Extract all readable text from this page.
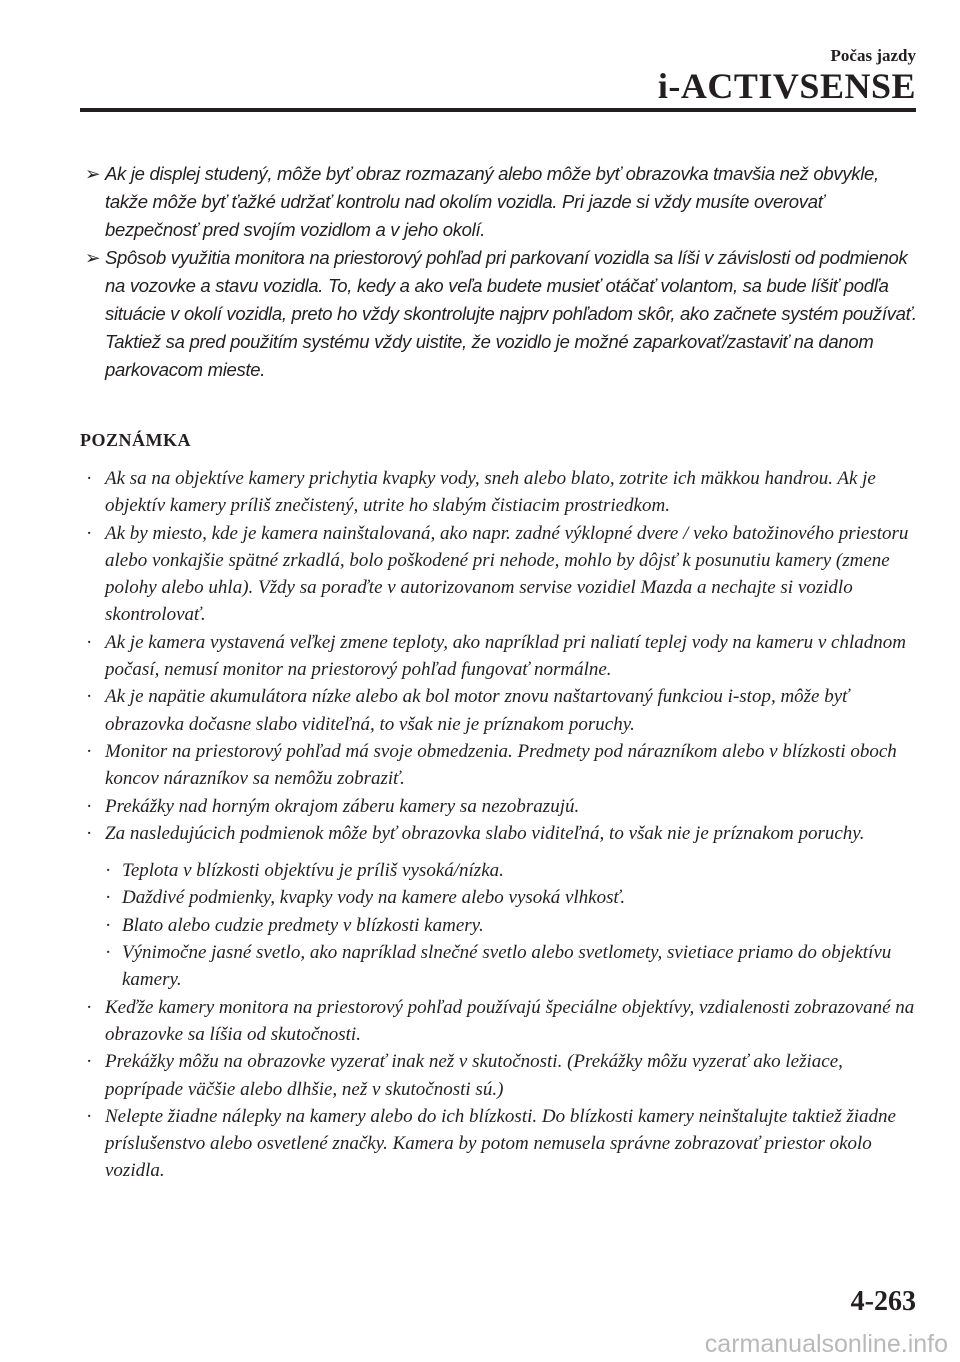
Počas jazdy
i-ACTIVSENSE
➢ Ak je displej studený, môže byť obraz rozmazaný alebo môže byť obrazovka tmavšia než obvykle, takže môže byť ťažké udržať kontrolu nad okolím vozidla. Pri jazde si vždy musíte overovať bezpečnosť pred svojím vozidlom a v jeho okolí.
➢ Spôsob využitia monitora na priestorový pohľad pri parkovaní vozidla sa líši v závislosti od podmienok na vozovke a stavu vozidla. To, kedy a ako veľa budete musieť otáčať volantom, sa bude líšiť podľa situácie v okolí vozidla, preto ho vždy skontrolujte najprv pohľadom skôr, ako začnete systém používať.
Taktiež sa pred použitím systému vždy uistite, že vozidlo je možné zaparkovať/zastaviť na danom parkovacom mieste.
POZNÁMKA
· Ak sa na objektíve kamery prichytia kvapky vody, sneh alebo blato, zotrite ich mäkkou handrou. Ak je objektív kamery príliš znečistený, utrite ho slabým čistiacim prostriedkom.
· Ak by miesto, kde je kamera nainštalovaná, ako napr. zadné výklopné dvere / veko batožinového priestoru alebo vonkajšie spätné zrkadlá, bolo poškodené pri nehode, mohlo by dôjsť k posunutiu kamery (zmene polohy alebo uhla). Vždy sa poraďte v autorizovanom servise vozidiel Mazda a nechajte si vozidlo skontrolovať.
· Ak je kamera vystavená veľkej zmene teploty, ako napríklad pri naliatí teplej vody na kameru v chladnom počasí, nemusí monitor na priestorový pohľad fungovať normálne.
· Ak je napätie akumulátora nízke alebo ak bol motor znovu naštartovaný funkciou i-stop, môže byť obrazovka dočasne slabo viditeľná, to však nie je príznakom poruchy.
· Monitor na priestorový pohľad má svoje obmedzenia. Predmety pod nárazníkom alebo v blízkosti oboch koncov nárazníkov sa nemôžu zobraziť.
· Prekážky nad horným okrajom záberu kamery sa nezobrazujú.
· Za nasledujúcich podmienok môže byť obrazovka slabo viditeľná, to však nie je príznakom poruchy.
· Teplota v blízkosti objektívu je príliš vysoká/nízka.
· Daždivé podmienky, kvapky vody na kamere alebo vysoká vlhkosť.
· Blato alebo cudzie predmety v blízkosti kamery.
· Výnimočne jasné svetlo, ako napríklad slnečné svetlo alebo svetlomety, svietiace priamo do objektívu kamery.
· Keďže kamery monitora na priestorový pohľad používajú špeciálne objektívy, vzdialenosti zobrazované na obrazovke sa líšia od skutočnosti.
· Prekážky môžu na obrazovke vyzerať inak než v skutočnosti. (Prekážky môžu vyzerať ako ležiace, poprípade väčšie alebo dlhšie, než v skutočnosti sú.)
· Nelepte žiadne nálepky na kamery alebo do ich blízkosti. Do blízkosti kamery neinštalujte taktiež žiadne príslušenstvo alebo osvetlené značky. Kamera by potom nemusela správne zobrazovať priestor okolo vozidla.
4-263
carmanualsonline.info
